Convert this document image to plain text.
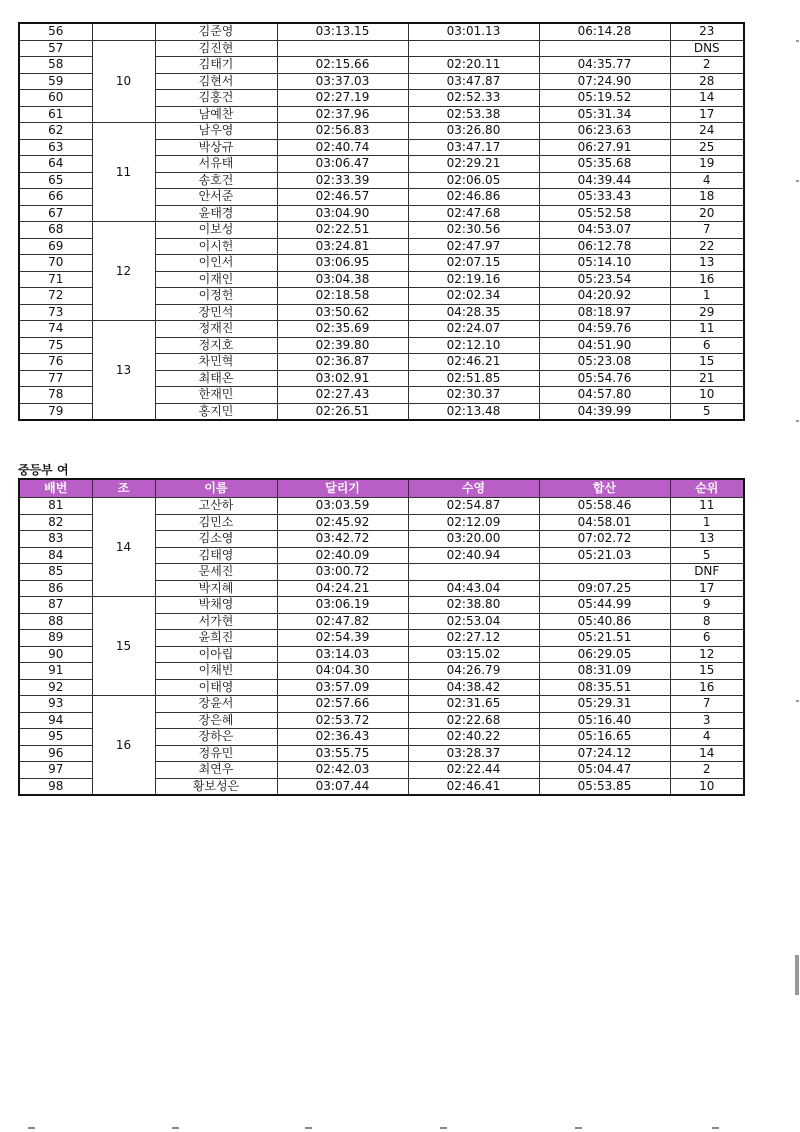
56		김준영	03:13.15	03:01.13	06:14.28	23
57	10	김진현				DNS
58		김태기	02:15.66	02:20.11	04:35.77	2
59		김현서	03:37.03	03:47.87	07:24.90	28
60		김홍건	02:27.19	02:52.33	05:19.52	14
61		남예찬	02:37.96	02:53.38	05:31.34	17
62	11	남우영	02:56.83	03:26.80	06:23.63	24
63		박상규	02:40.74	03:47.17	06:27.91	25
64		서유태	03:06.47	02:29.21	05:35.68	19
65		송호건	02:33.39	02:06.05	04:39.44	4
66		안서준	02:46.57	02:46.86	05:33.43	18
67		윤태경	03:04.90	02:47.68	05:52.58	20
68	12	이보성	02:22.51	02:30.56	04:53.07	7
69		이시헌	03:24.81	02:47.97	06:12.78	22
70		이인서	03:06.95	02:07.15	05:14.10	13
71		이재인	03:04.38	02:19.16	05:23.54	16
72		이정헌	02:18.58	02:02.34	04:20.92	1
73		장민석	03:50.62	04:28.35	08:18.97	29
74	13	정재진	02:35.69	02:24.07	04:59.76	11
75		정지호	02:39.80	02:12.10	04:51.90	6
76		차민혁	02:36.87	02:46.21	05:23.08	15
77		최태온	03:02.91	02:51.85	05:54.76	21
78		한재민	02:27.43	02:30.37	04:57.80	10
79		홍지민	02:26.51	02:13.48	04:39.99	5
중등부 여
배번	조	이름	달리기	수영	합산	순위
81	14	고산하	03:03.59	02:54.87	05:58.46	11
82		김민소	02:45.92	02:12.09	04:58.01	1
83		김소영	03:42.72	03:20.00	07:02.72	13
84		김태영	02:40.09	02:40.94	05:21.03	5
85		문세진	03:00.72			DNF
86		박지혜	04:24.21	04:43.04	09:07.25	17
87	15	박채영	03:06.19	02:38.80	05:44.99	9
88		서가현	02:47.82	02:53.04	05:40.86	8
89		윤희진	02:54.39	02:27.12	05:21.51	6
90		이아립	03:14.03	03:15.02	06:29.05	12
91		이채빈	04:04.30	04:26.79	08:31.09	15
92		이태영	03:57.09	04:38.42	08:35.51	16
93	16	장윤서	02:57.66	02:31.65	05:29.31	7
94		장은혜	02:53.72	02:22.68	05:16.40	3
95		장하은	02:36.43	02:40.22	05:16.65	4
96		정유민	03:55.75	03:28.37	07:24.12	14
97		최연우	02:42.03	02:22.44	05:04.47	2
98		황보성은	03:07.44	02:46.41	05:53.85	10
